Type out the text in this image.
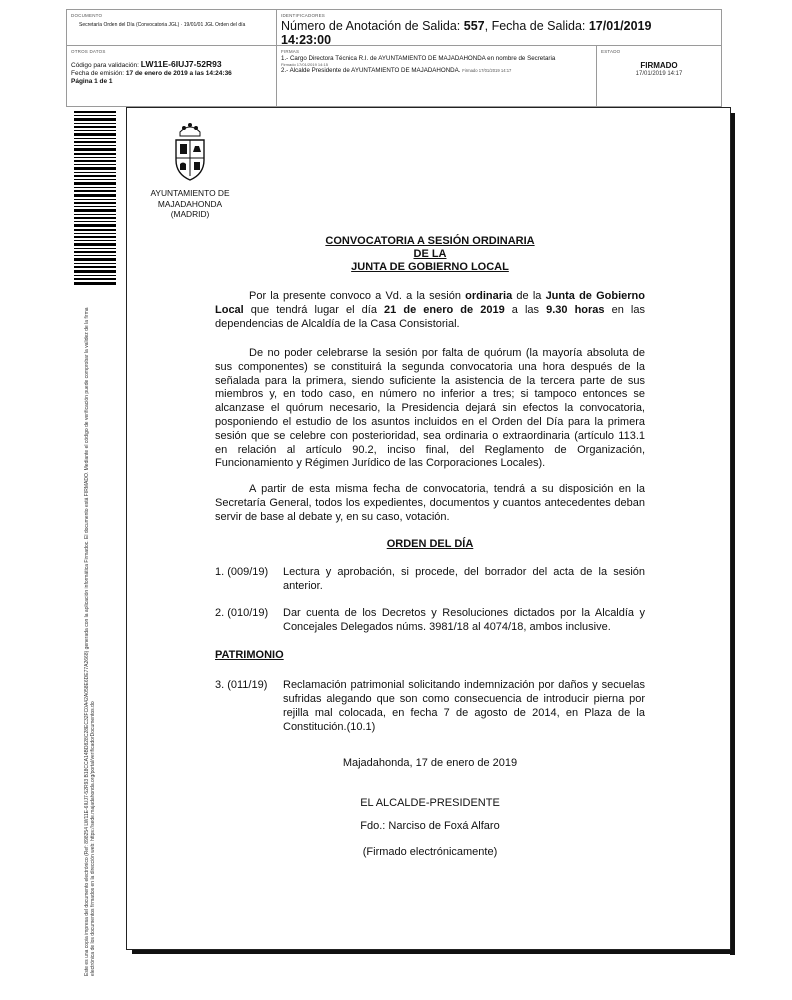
DOCUMENTO
Secretaría Orden del Día (Convocatoria JGL) · 19/01/01 JGL Orden del día
IDENTIFICADORES
Número de Anotación de Salida: 557, Fecha de Salida: 17/01/2019
14:23:00
OTROS DATOS
Código para validación: LW11E-6IUJ7-52R93
Fecha de emisión: 17 de enero de 2019 a las 14:24:36
Página 1 de 1
FIRMAS
1.- Cargo Directora Técnica R.I. de AYUNTAMIENTO DE MAJADAHONDA en nombre de Secretaria
Firmado 17/01/2019 14:15
2.- Alcalde Presidente de AYUNTAMIENTO DE MAJADAHONDA. Firmado 17/01/2019 14:17
ESTADO
FIRMADO
17/01/2019 14:17
Este es una copia impresa del documento electrónico (Ref: 898254 LW11E-6IUJ7-52R93 B18CCA14BD828C28EC32FC0A42A058E6DE77A2668) generada con la aplicación informática Firmadoc. El documento está FIRMADO. Mediante el código de verificación puede comprobar la validez de la firma electrónica de los documentos firmados en la dirección web: https://sede.majadahonda.org/portal/verificadorDocumentos.do
AYUNTAMIENTO DE
MAJADAHONDA
(MADRID)
CONVOCATORIA A SESIÓN ORDINARIA
DE LA
JUNTA DE GOBIERNO LOCAL
Por la presente convoco a Vd. a la sesión ordinaria de la Junta de Gobierno Local que tendrá lugar el día 21 de enero de 2019 a las 9.30 horas en las dependencias de Alcaldía de la Casa Consistorial.
De no poder celebrarse la sesión por falta de quórum (la mayoría absoluta de sus componentes) se constituirá la segunda convocatoria una hora después de la señalada para la primera, siendo suficiente la asistencia de la tercera parte de sus miembros y, en todo caso, en número no inferior a tres; si tampoco entonces se alcanzase el quórum necesario, la Presidencia dejará sin efectos la convocatoria, posponiendo el estudio de los asuntos incluidos en el Orden del Día para la primera sesión que se celebre con posterioridad, sea ordinaria o extraordinaria (artículo 113.1 en relación al artículo 90.2, inciso final, del Reglamento de Organización, Funcionamiento y Régimen Jurídico de las Corporaciones Locales).
A partir de esta misma fecha de convocatoria, tendrá a su disposición en la Secretaría General, todos los expedientes, documentos y cuantos antecedentes deban servir de base al debate y, en su caso, votación.
ORDEN DEL DÍA
1. (009/19)	Lectura y aprobación, si procede, del borrador del acta de la sesión anterior.
2. (010/19)	Dar cuenta de los Decretos y Resoluciones dictados por la Alcaldía y Concejales Delegados núms. 3981/18 al 4074/18, ambos inclusive.
PATRIMONIO
3. (011/19)	Reclamación patrimonial solicitando indemnización por daños y secuelas sufridas alegando que son como consecuencia de introducir pierna por rejilla mal colocada, en fecha 7 de agosto de 2014, en Plaza de la Constitución.(10.1)
Majadahonda, 17 de enero de 2019
EL ALCALDE-PRESIDENTE
Fdo.: Narciso de Foxá Alfaro
(Firmado electrónicamente)
